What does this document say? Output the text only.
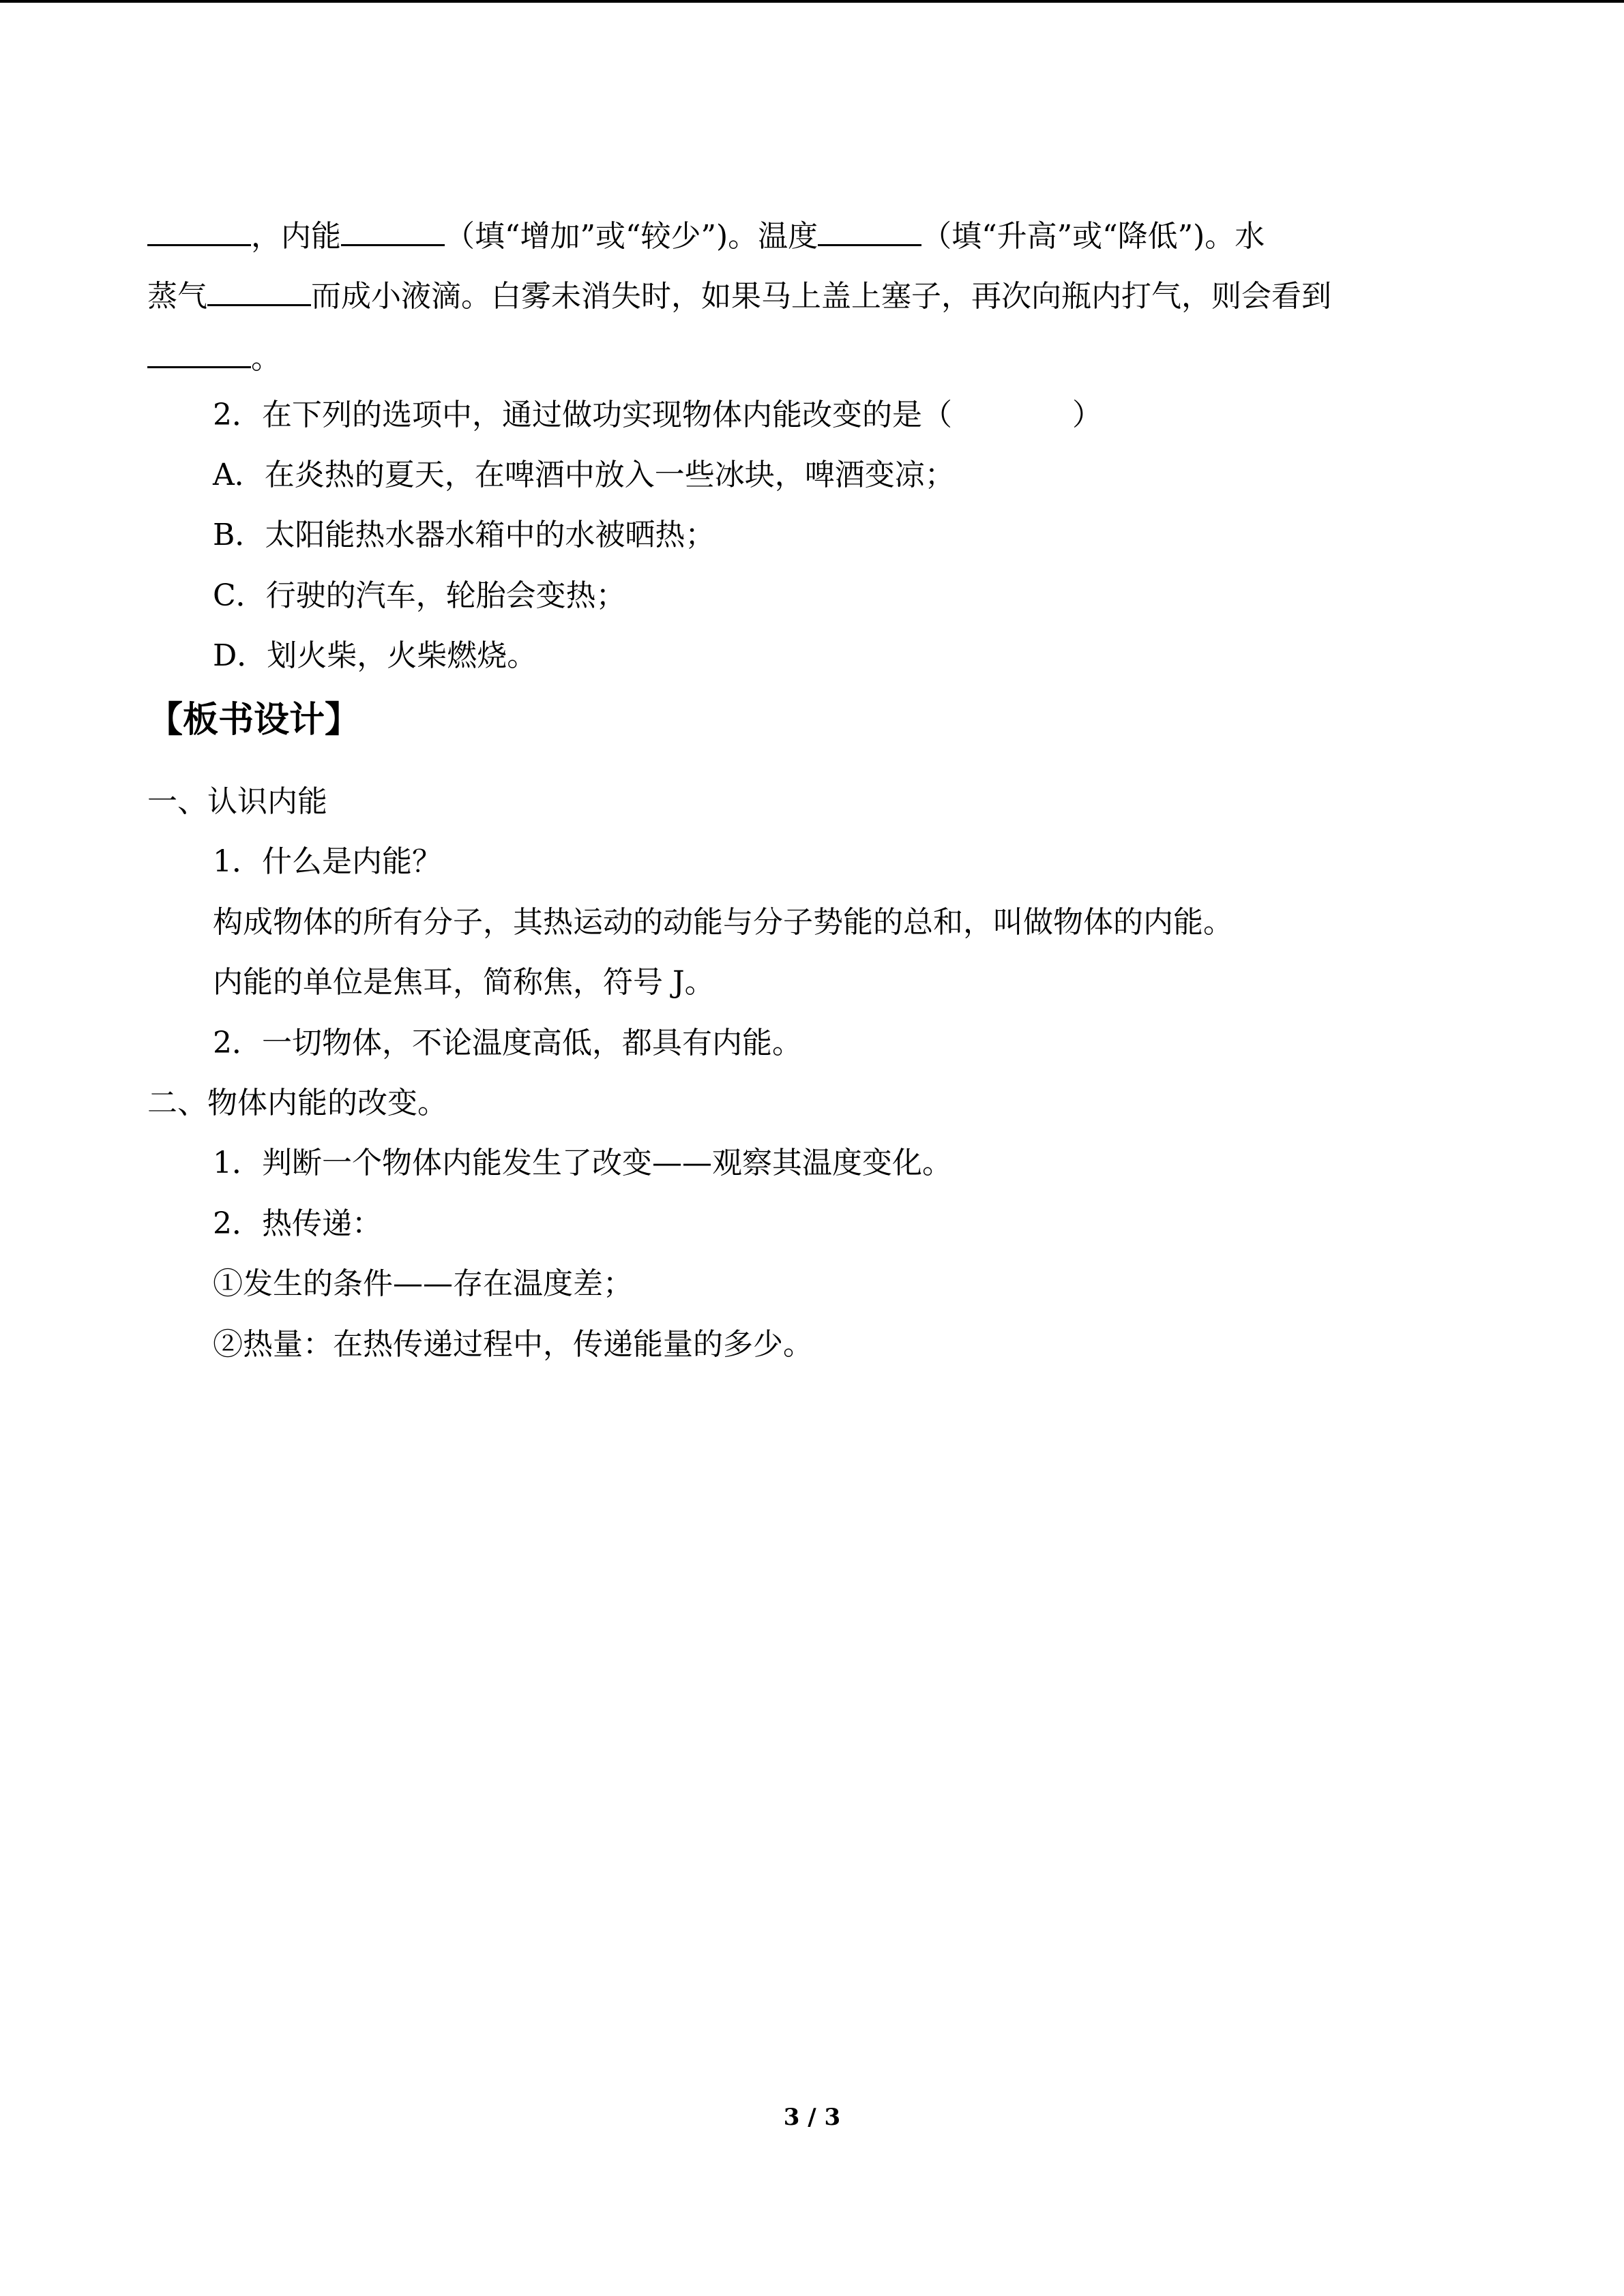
，内能	（填“增加”或“较少”)。温度	（填“升高”或“降低”)。水
蒸气	而成小液滴。白雾未消失时，如果马上盖上塞子，再次向瓶内打气，则会看到
。
2．在下列的选项中，通过做功实现物体内能改变的是（　　　　）
A．在炎热的夏天，在啤酒中放入一些冰块，啤酒变凉；
B．太阳能热水器水箱中的水被晒热；
C．行驶的汽车，轮胎会变热；
D．划火柴，火柴燃烧。
【板书设计】
一、认识内能
1．什么是内能？
构成物体的所有分子，其热运动的动能与分子势能的总和，叫做物体的内能。
内能的单位是焦耳，简称焦，符号 J。
2．一切物体，不论温度高低，都具有内能。
二、物体内能的改变。
1．判断一个物体内能发生了改变——观察其温度变化。
2．热传递：
①发生的条件——存在温度差；
②热量：在热传递过程中，传递能量的多少。
3 / 3
